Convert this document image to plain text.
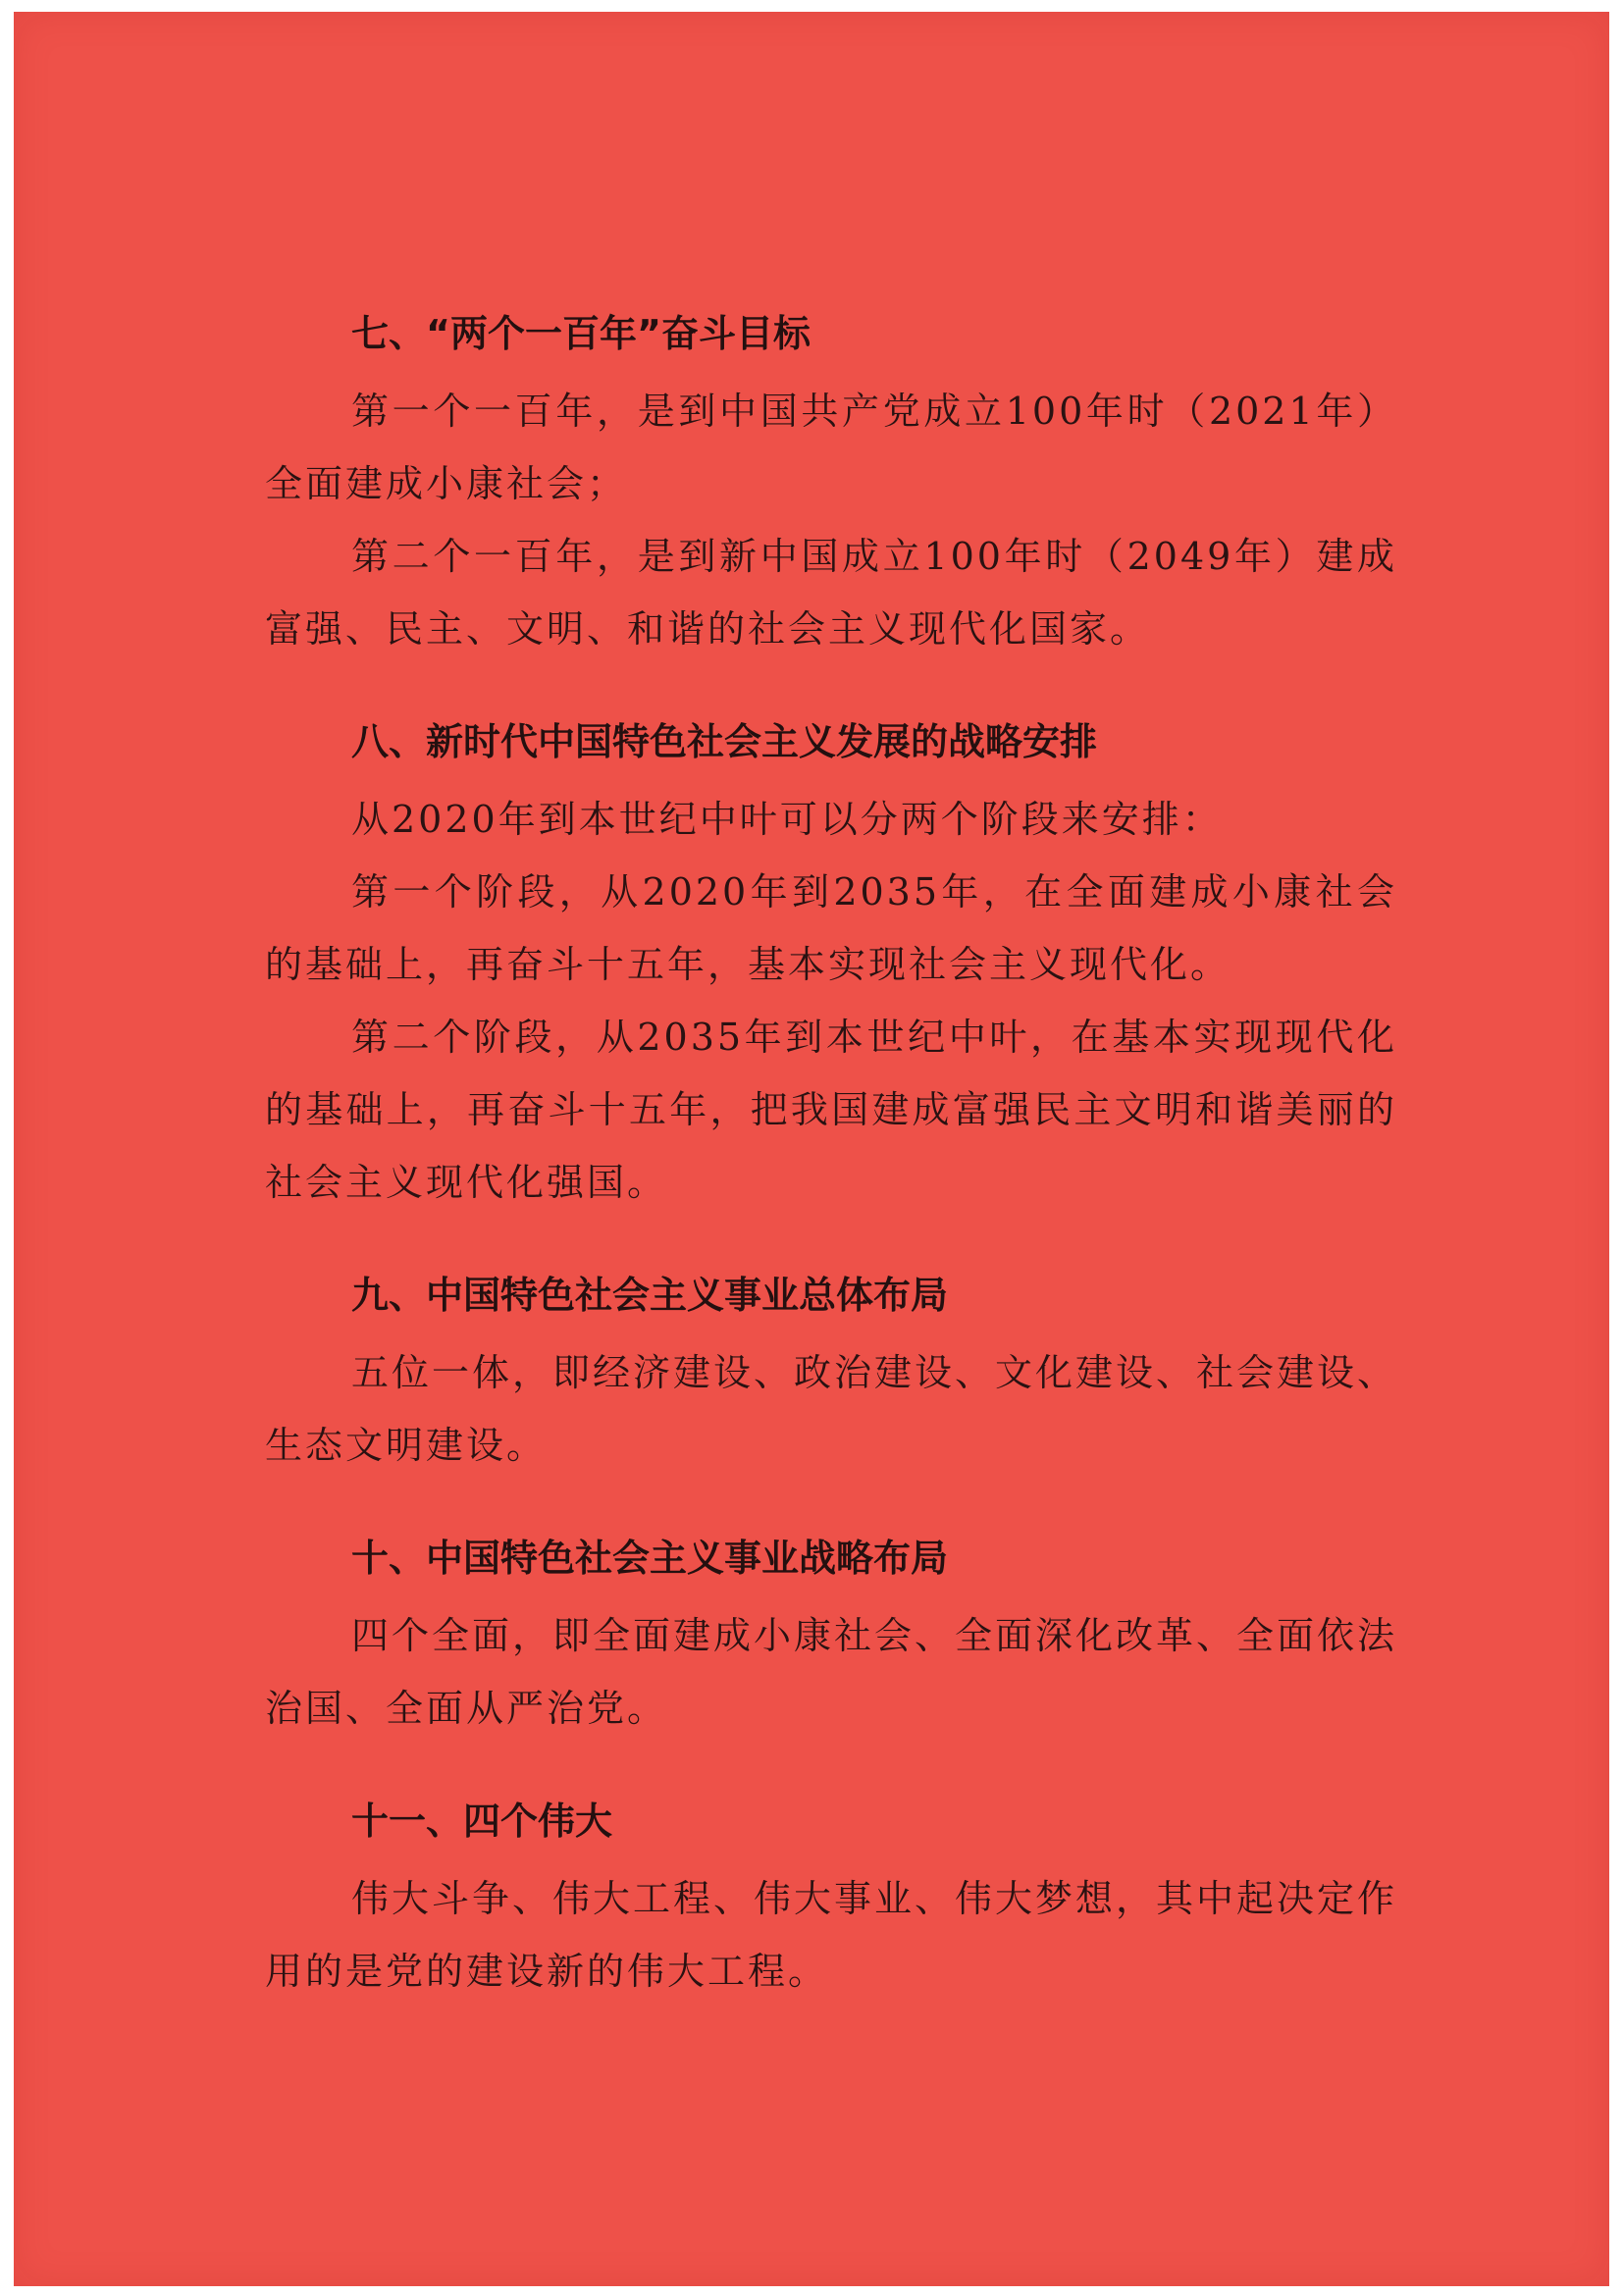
七、“两个一百年”奋斗目标

第一个一百年，是到中国共产党成立100年时（2021年）全面建成小康社会；

第二个一百年，是到新中国成立100年时（2049年）建成富强、民主、文明、和谐的社会主义现代化国家。

八、新时代中国特色社会主义发展的战略安排

从2020年到本世纪中叶可以分两个阶段来安排：

第一个阶段，从2020年到2035年，在全面建成小康社会的基础上，再奋斗十五年，基本实现社会主义现代化。

第二个阶段，从2035年到本世纪中叶，在基本实现现代化的基础上，再奋斗十五年，把我国建成富强民主文明和谐美丽的社会主义现代化强国。

九、中国特色社会主义事业总体布局

五位一体，即经济建设、政治建设、文化建设、社会建设、生态文明建设。

十、中国特色社会主义事业战略布局

四个全面，即全面建成小康社会、全面深化改革、全面依法治国、全面从严治党。

十一、四个伟大

伟大斗争、伟大工程、伟大事业、伟大梦想，其中起决定作用的是党的建设新的伟大工程。
